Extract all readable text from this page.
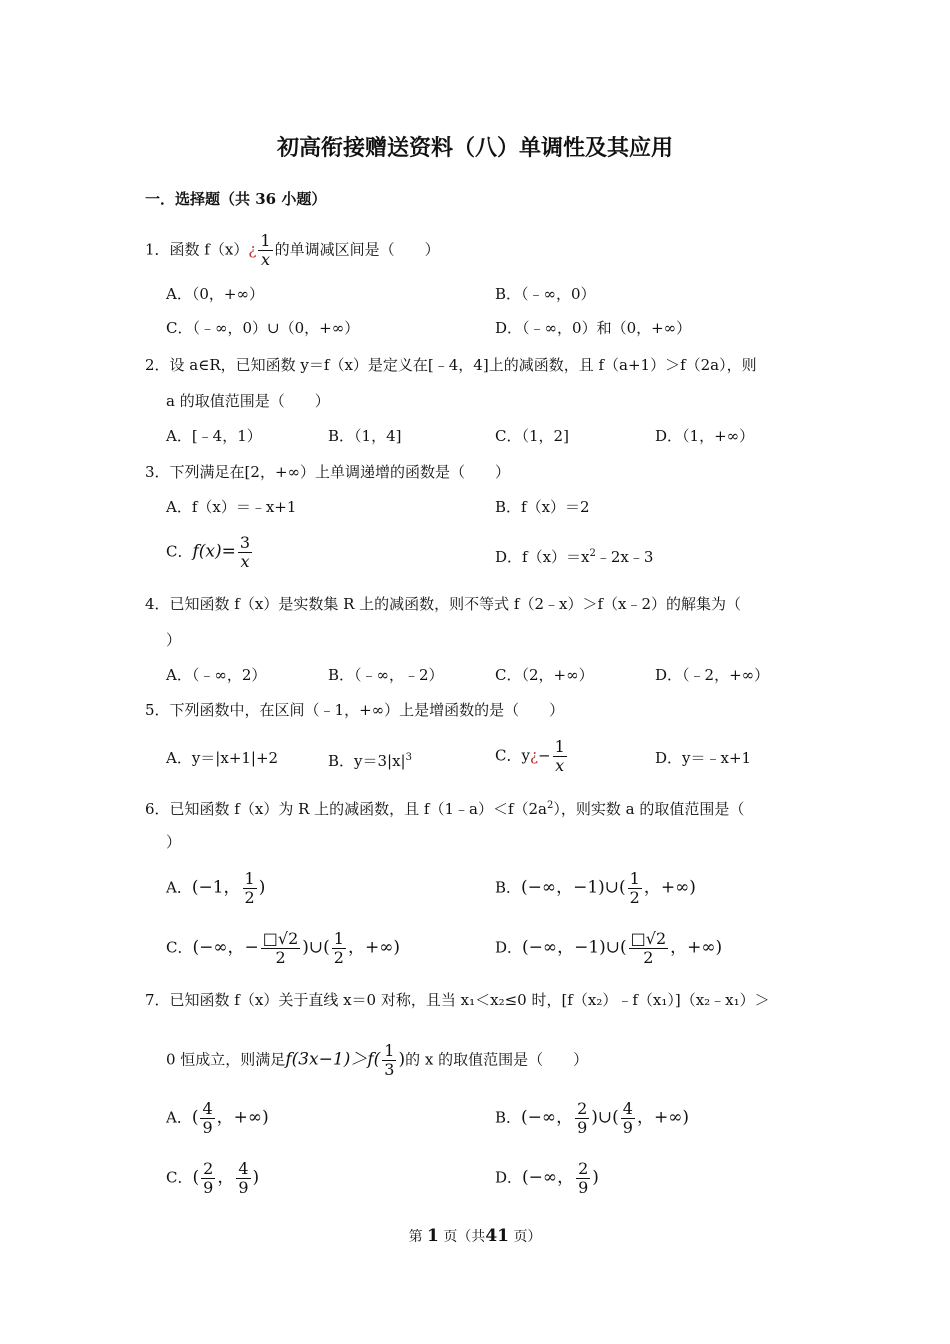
初高衔接赠送资料（八）单调性及其应用
一．选择题（共 36 小题）
1．函数 f（x）¿ $\frac{1}{x}$ 的单调减区间是（　　）
A．（0，+∞）	B．（﹣∞，0）
C．（﹣∞，0）∪（0，+∞）	D．（﹣∞，0）和（0，+∞）
2．设 a∈R，已知函数 y＝f（x）是定义在[﹣4，4]上的减函数，且 f（a+1）＞f（2a），则
a 的取值范围是（　　）
A．[﹣4，1）	B．（1，4]	C．（1，2]	D．（1，+∞）
3．下列满足在[2，+∞）上单调递增的函数是（　　）
A．f（x）＝﹣x+1	B．f（x）＝2
C．$f(x)= \frac{3}{x}$	D．$f(x)=x^2﹣2x﹣3$
4．已知函数 f（x）是实数集 R 上的减函数，则不等式 f（2﹣x）＞f（x﹣2）的解集为（
）
A．（﹣∞，2）	B．（﹣∞，﹣2）	C．（2，+∞）	D．（﹣2，+∞）
5．下列函数中，在区间（﹣1，+∞）上是增函数的是（　　）
A．y＝|x+1|+2	B．$y=3|x|^3$	C．y¿− $\frac{1}{x}$	D．y＝﹣x+1
6．已知函数 f（x）为 R 上的减函数，且 $f(1﹣a)<f(2a^2)$，则实数 a 的取值范围是（
）
A．(−1， $\frac{1}{2}$ )	B．(−∞，−1)∪( $\frac{1}{2}$ ，+∞)
C．(−∞，− $\frac{□√2}{2}$ )∪( $\frac{1}{2}$ ，+∞)	D．(−∞，−1)∪( $\frac{□√2}{2}$ ，+∞)
7．已知函数 f（x）关于直线 x＝0 对称，且当 x₁＜x₂≤0 时，[f（x₂）﹣f（x₁）]（x₂﹣x₁）＞
0 恒成立，则满足$f(3x-1)>f( \frac{1}{3}$ )的 x 的取值范围是（　　）
A．( $\frac{4}{9}$ ，+∞)	B．(−∞， $\frac{2}{9}$ )∪( $\frac{4}{9}$ ，+∞)
C．( $\frac{2}{9}$ ， $\frac{4}{9}$ )	D．(−∞， $\frac{2}{9}$ )
第 1 页（共41 页）
